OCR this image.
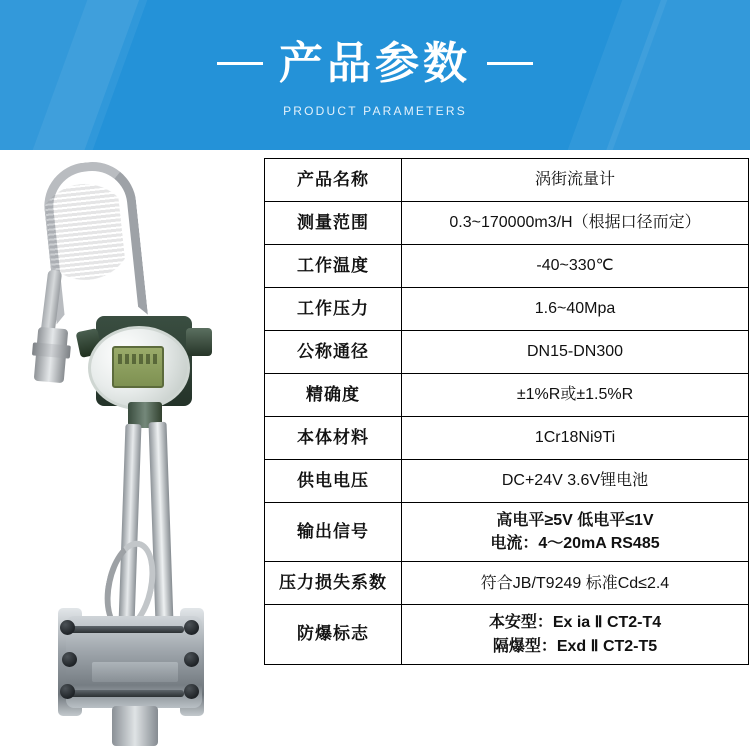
产品参数
PRODUCT PARAMETERS
产品名称	涡街流量计

测量范围	0.3~170000m3/H（根据口径而定）

工作温度	-40~330℃

工作压力	1.6~40Mpa

公称通径	DN15-DN300

精确度	±1%R或±1.5%R

本体材料	1Cr18Ni9Ti

供电电压	DC+24V 3.6V锂电池

输出信号	高电平≥5V 低电平≤1V
电流：4～20mA RS485

压力损失系数	符合JB/T9249 标准Cd≤2.4

防爆标志	本安型：Ex ia Ⅱ CT2-T4
隔爆型：Exd Ⅱ CT2-T5
